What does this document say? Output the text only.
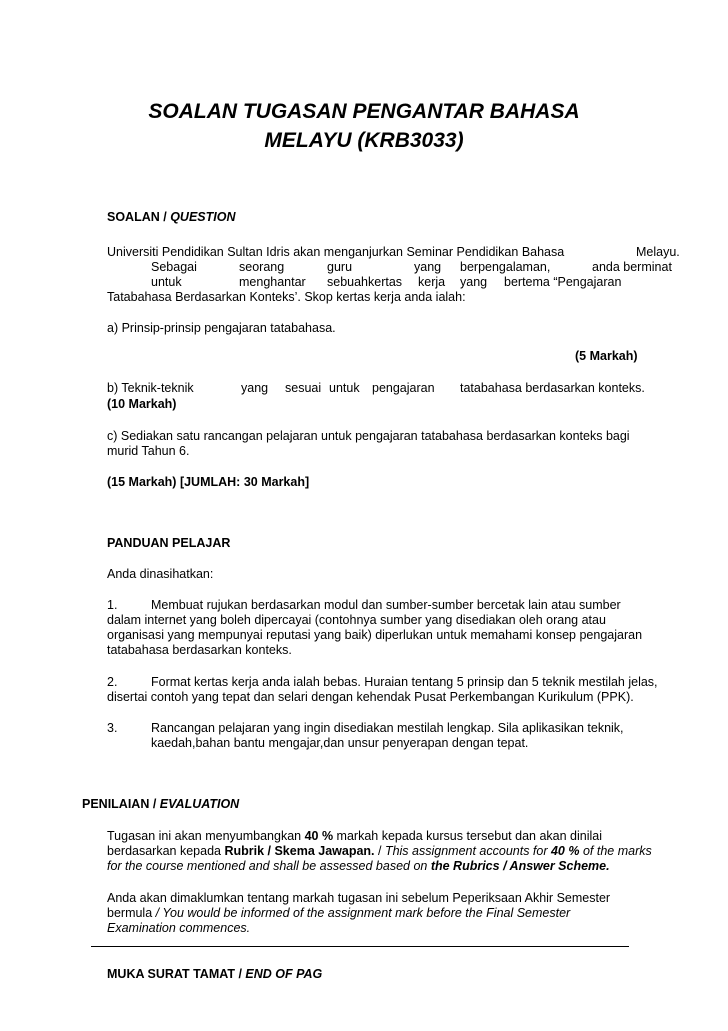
SOALAN TUGASAN PENGANTAR BAHASA
MELAYU (KRB3033)
SOALAN / QUESTION
Universiti Pendidikan Sultan Idris akan menganjurkan Seminar Pendidikan Bahasa	Melayu.
Sebagai	seorang	guru	yang berpengalaman,	anda berminat
untuk	menghantar sebuahkertas kerja yang bertema “Pengajaran
Tatabahasa Berdasarkan Konteks’. Skop kertas kerja anda ialah:
a) Prinsip-prinsip pengajaran tatabahasa.
(5 Markah)
b) Teknik-teknik	yang sesuai untuk pengajaran tatabahasa berdasarkan konteks.
(10 Markah)
c) Sediakan satu rancangan pelajaran untuk pengajaran tatabahasa berdasarkan konteks bagi
murid Tahun 6.
(15 Markah) [JUMLAH: 30 Markah]
PANDUAN PELAJAR
Anda dinasihatkan:
1.	Membuat rujukan berdasarkan modul dan sumber-sumber bercetak lain atau sumber
dalam internet yang boleh dipercayai (contohnya sumber yang disediakan oleh orang atau
organisasi yang mempunyai reputasi yang baik) diperlukan untuk memahami konsep pengajaran
tatabahasa berdasarkan konteks.
2.	Format kertas kerja anda ialah bebas. Huraian tentang 5 prinsip dan 5 teknik mestilah jelas,
disertai contoh yang tepat dan selari dengan kehendak Pusat Perkembangan Kurikulum (PPK).
3.	Rancangan pelajaran yang ingin disediakan mestilah lengkap. Sila aplikasikan teknik,
kaedah,bahan bantu mengajar,dan unsur penyerapan dengan tepat.
PENILAIAN / EVALUATION
Tugasan ini akan menyumbangkan 40 % markah kepada kursus tersebut dan akan dinilai
berdasarkan kepada Rubrik / Skema Jawapan. / This assignment accounts for 40 % of the marks
for the course mentioned and shall be assessed based on the Rubrics / Answer Scheme.
Anda akan dimaklumkan tentang markah tugasan ini sebelum Peperiksaan Akhir Semester
bermula / You would be informed of the assignment mark before the Final Semester
Examination commences.
MUKA SURAT TAMAT / END OF PAG
